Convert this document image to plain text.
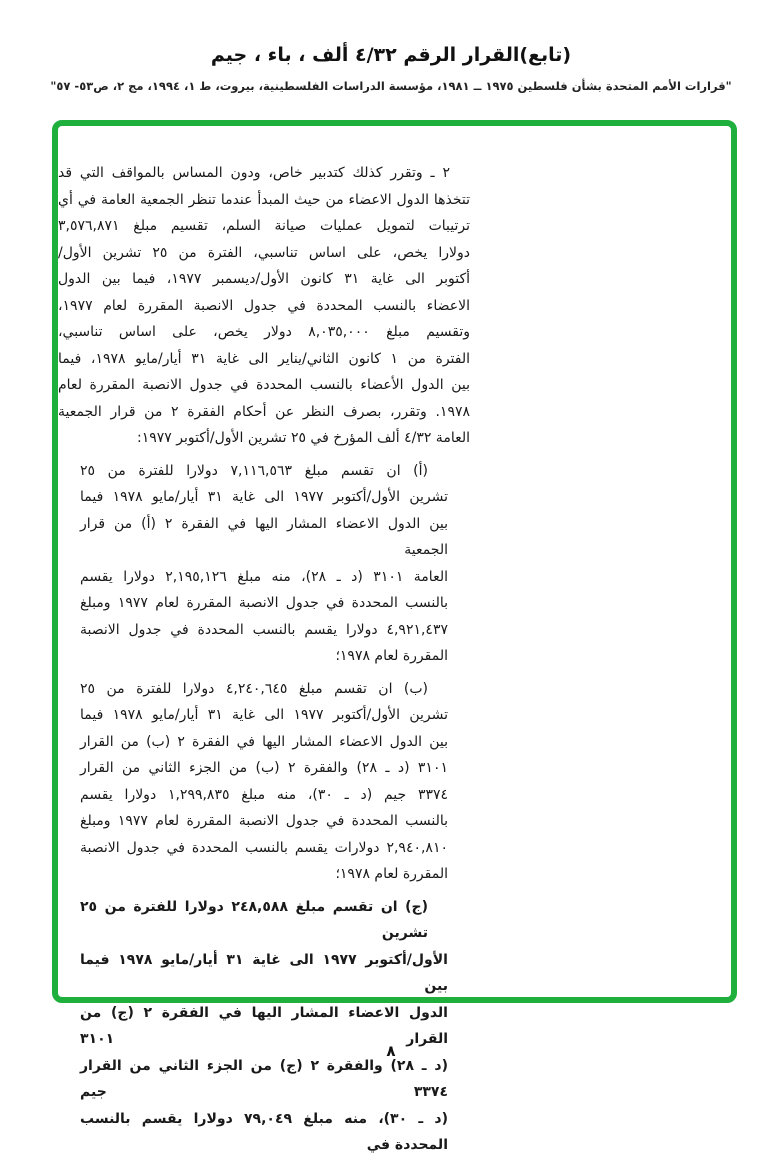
(تابع)القرار الرقم ٤/٣٢ ألف ، باء ، جيم
"قرارات الأمم المتحدة بشأن فلسطين ١٩٧٥ ــ ١٩٨١، مؤسسة الدراسات الفلسطينية، بيروت، ط ١، ١٩٩٤، مج ٢، ص٥٣- ٥٧"
٢ ـ وتقرر كذلك كتدبير خاص، ودون المساس بالمواقف التي قد
تتخذها الدول الاعضاء من حيث المبدأ عندما تنظر الجمعية العامة في أي
ترتيبات لتمويل عمليات صيانة السلم، تقسيم مبلغ ٣,٥٧٦,٨٧١
دولارا يخص، على اساس تناسبي، الفترة من ٢٥ تشرين الأول/
أكتوبر الى غاية ٣١ كانون الأول/ديسمبر ١٩٧٧، فيما بين الدول
الاعضاء بالنسب المحددة في جدول الانصبة المقررة لعام ١٩٧٧،
وتقسيم مبلغ ٨,٠٣٥,٠٠٠ دولار يخص، على اساس تناسبي،
الفترة من ١ كانون الثاني/يناير الى غاية ٣١ أيار/مايو ١٩٧٨، فيما
بين الدول الأعضاء بالنسب المحددة في جدول الانصبة المقررة لعام
١٩٧٨. وتقرر، بصرف النظر عن أحكام الفقرة ٢ من قرار الجمعية
العامة ٤/٣٢ ألف المؤرخ في ٢٥ تشرين الأول/أكتوبر ١٩٧٧:
(أ) ان تقسم مبلغ ٧,١١٦,٥٦٣ دولارا للفترة من ٢٥
تشرين الأول/أكتوبر ١٩٧٧ الى غاية ٣١ أيار/مايو ١٩٧٨ فيما
بين الدول الاعضاء المشار اليها في الفقرة ٢ (أ) من قرار الجمعية
العامة ٣١٠١ (د ـ ٢٨)، منه مبلغ ٢,١٩٥,١٢٦ دولارا يقسم
بالنسب المحددة في جدول الانصبة المقررة لعام ١٩٧٧ ومبلغ
٤,٩٢١,٤٣٧ دولارا يقسم بالنسب المحددة في جدول الانصبة
المقررة لعام ١٩٧٨؛
(ب) ان تقسم مبلغ ٤,٢٤٠,٦٤٥ دولارا للفترة من ٢٥
تشرين الأول/أكتوبر ١٩٧٧ الى غاية ٣١ أيار/مايو ١٩٧٨ فيما
بين الدول الاعضاء المشار اليها في الفقرة ٢ (ب) من القرار
٣١٠١ (د ـ ٢٨) والفقرة ٢ (ب) من الجزء الثاني من القرار
٣٣٧٤ جيم (د ـ ٣٠)، منه مبلغ ١,٢٩٩,٨٣٥ دولارا يقسم
بالنسب المحددة في جدول الانصبة المقررة لعام ١٩٧٧ ومبلغ
٢,٩٤٠,٨١٠ دولارات يقسم بالنسب المحددة في جدول الانصبة
المقررة لعام ١٩٧٨؛
(ج) ان تقسم مبلغ ٢٤٨,٥٨٨ دولارا للفترة من ٢٥ تشرين
الأول/أكتوبر ١٩٧٧ الى غاية ٣١ أيار/مايو ١٩٧٨ فيما بين
الدول الاعضاء المشار اليها في الفقرة ٢ (ج) من القرار ٣١٠١
(د ـ ٢٨) والفقرة ٢ (ج) من الجزء الثاني من القرار ٣٣٧٤ جيم
(د ـ ٣٠)، منه مبلغ ٧٩,٠٤٩ دولارا يقسم بالنسب المحددة في
٨
